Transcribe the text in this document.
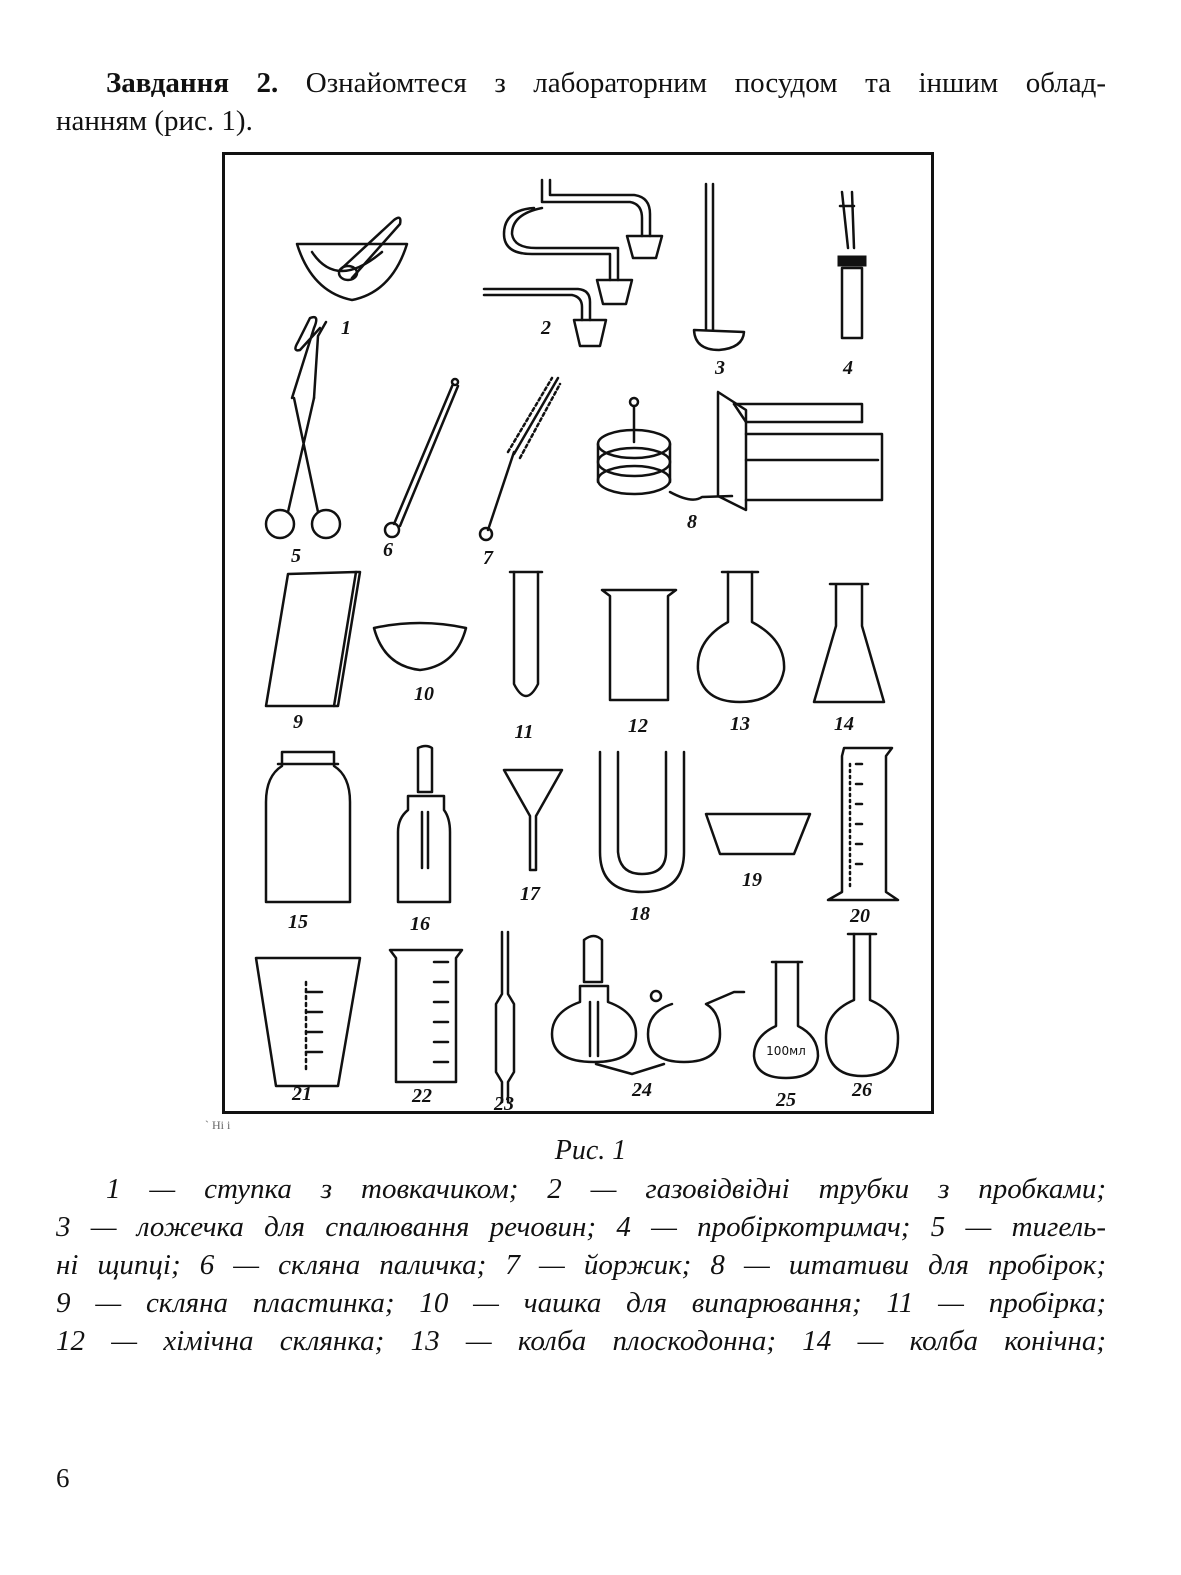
Завдання 2. Ознайомтеся з лабораторним посудом та іншим облад-
нанням (рис. 1).

100мл
1	2
3	4
5	6	7
8
9
10
11	12	13	14
15	16
17
18
19
20
21	22	23
24	25	26
` Ні і
Рис. 1
1 — ступка з товкачиком; 2 — газовідвідні трубки з пробками;
3 — ложечка для спалювання речовин; 4 — пробіркотримач; 5 — тигель-
ні щипці; 6 — скляна паличка; 7 — йоржик; 8 — штативи для пробірок;
9 — скляна пластинка; 10 — чашка для випарювання; 11 — пробірка;
12 — хімічна склянка; 13 — колба плоскодонна; 14 — колба конічна;
6
